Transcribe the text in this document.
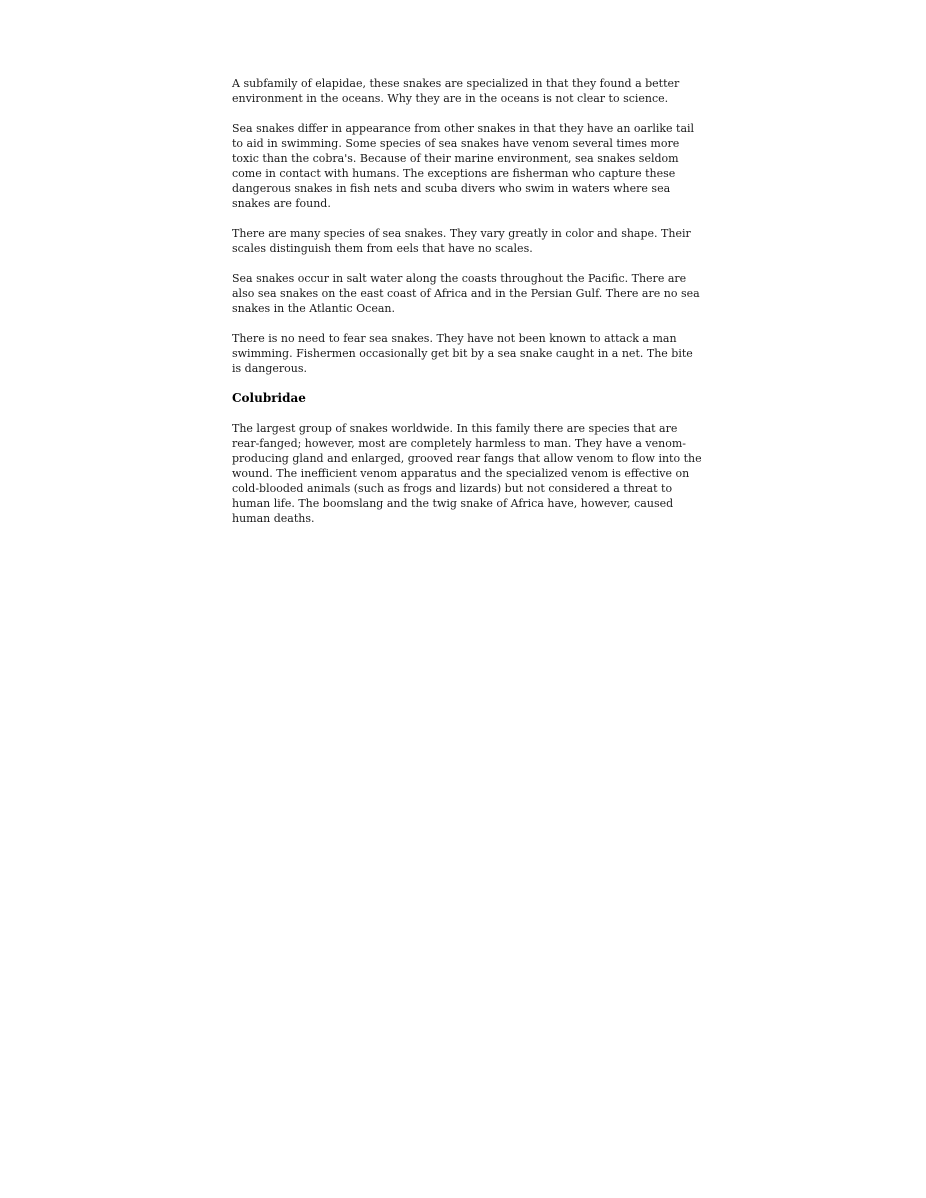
A subfamily of elapidae, these snakes are specialized in that they found a better environment in the oceans. Why they are in the oceans is not clear to science.

Sea snakes differ in appearance from other snakes in that they have an oarlike tail to aid in swimming. Some species of sea snakes have venom several times more toxic than the cobra's. Because of their marine environment, sea snakes seldom come in contact with humans. The exceptions are fisherman who capture these dangerous snakes in fish nets and scuba divers who swim in waters where sea snakes are found.

There are many species of sea snakes. They vary greatly in color and shape. Their scales distinguish them from eels that have no scales.

Sea snakes occur in salt water along the coasts throughout the Pacific. There are also sea snakes on the east coast of Africa and in the Persian Gulf. There are no sea snakes in the Atlantic Ocean.

There is no need to fear sea snakes. They have not been known to attack a man swimming. Fishermen occasionally get bit by a sea snake caught in a net. The bite is dangerous.

Colubridae

The largest group of snakes worldwide. In this family there are species that are rear-fanged; however, most are completely harmless to man. They have a venom-producing gland and enlarged, grooved rear fangs that allow venom to flow into the wound. The inefficient venom apparatus and the specialized venom is effective on cold-blooded animals (such as frogs and lizards) but not considered a threat to human life. The boomslang and the twig snake of Africa have, however, caused human deaths.
